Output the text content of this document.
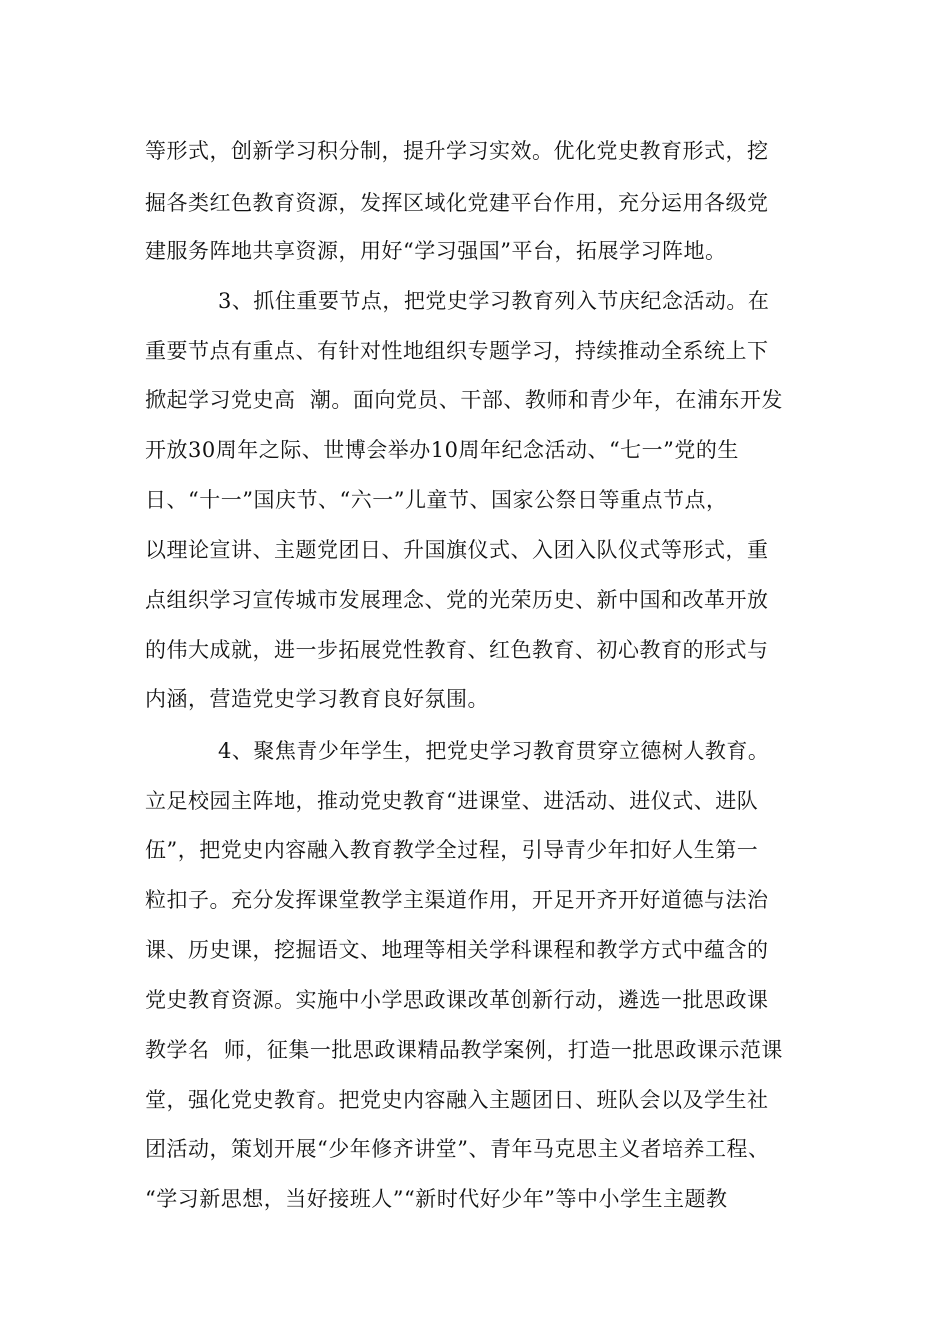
等形式，创新学习积分制，提升学习实效。优化党史教育形式，挖
掘各类红色教育资源，发挥区域化党建平台作用，充分运用各级党
建服务阵地共享资源，用好“学习强国”平台，拓展学习阵地。
3、抓住重要节点，把党史学习教育列入节庆纪念活动。在
重要节点有重点、有针对性地组织专题学习，持续推动全系统上下
掀起学习党史高  潮。面向党员、干部、教师和青少年，在浦东开发
开放30周年之际、世博会举办10周年纪念活动、“七一”党的生
日、“十一”国庆节、“六一”儿童节、国家公祭日等重点节点，
以理论宣讲、主题党团日、升国旗仪式、入团入队仪式等形式，重
点组织学习宣传城市发展理念、党的光荣历史、新中国和改革开放
的伟大成就，进一步拓展党性教育、红色教育、初心教育的形式与
内涵，营造党史学习教育良好氛围。
4、聚焦青少年学生，把党史学习教育贯穿立德树人教育。
立足校园主阵地，推动党史教育“进课堂、进活动、进仪式、进队
伍”，把党史内容融入教育教学全过程，引导青少年扣好人生第一
粒扣子。充分发挥课堂教学主渠道作用，开足开齐开好道德与法治
课、历史课，挖掘语文、地理等相关学科课程和教学方式中蕴含的
党史教育资源。实施中小学思政课改革创新行动，遴选一批思政课
教学名  师，征集一批思政课精品教学案例，打造一批思政课示范课
堂，强化党史教育。把党史内容融入主题团日、班队会以及学生社
团活动，策划开展“少年修齐讲堂”、青年马克思主义者培养工程、
“学习新思想，当好接班人”“新时代好少年”等中小学生主题教
